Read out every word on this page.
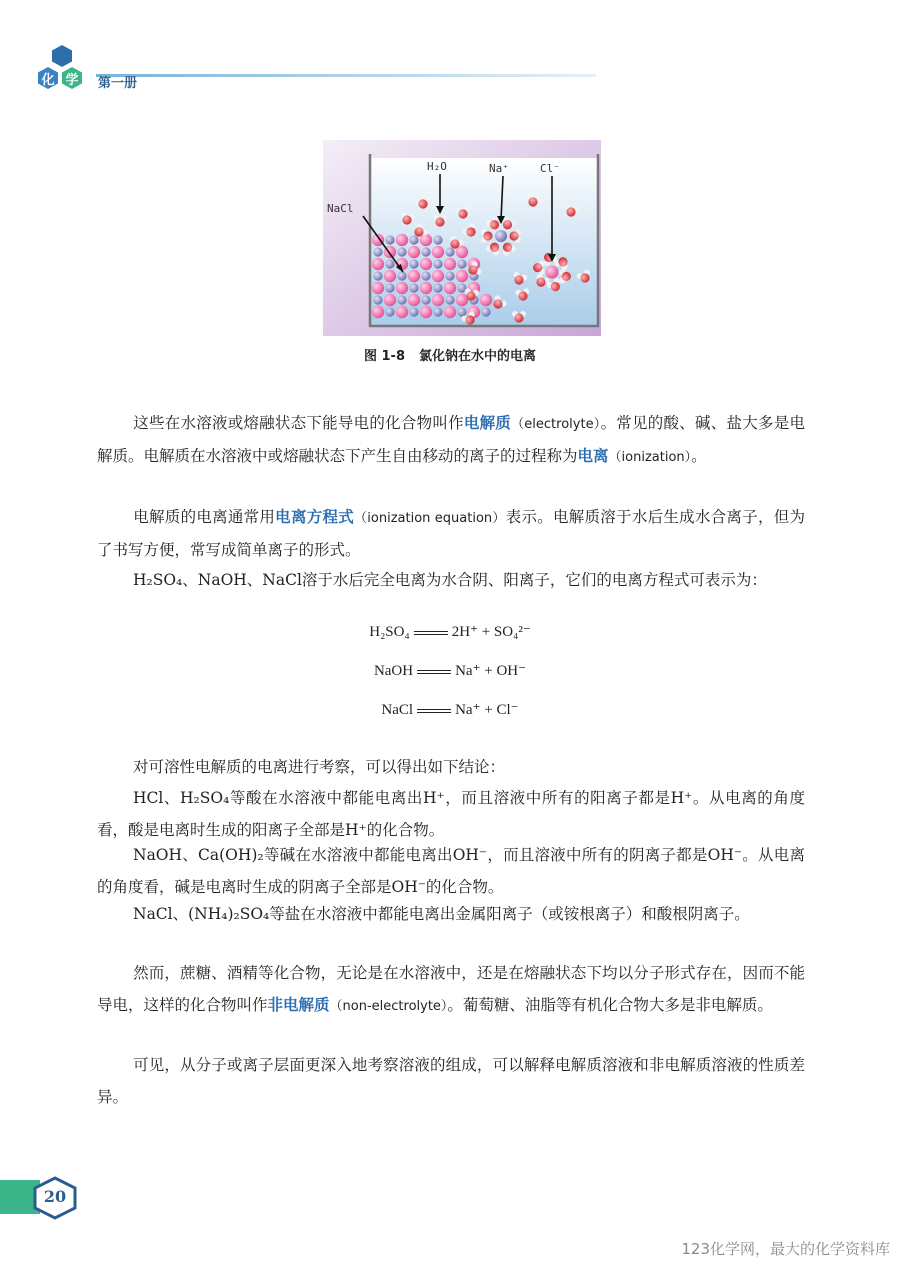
化 学	第一册
NaCl
H₂O	Na⁺	Cl⁻
图 1-8 氯化钠在水中的电离
这些在水溶液或熔融状态下能导电的化合物叫作电解质（electrolyte）。常见的酸、碱、盐大多是电解质。电解质在水溶液中或熔融状态下产生自由移动的离子的过程称为电离（ionization）。
电解质的电离通常用电离方程式（ionization equation）表示。电解质溶于水后生成水合离子，但为了书写方便，常写成简单离子的形式。
H₂SO₄、NaOH、NaCl溶于水后完全电离为水合阴、阳离子，它们的电离方程式可表示为：
H₂SO₄	2H⁺ + SO₄²⁻
NaOH	Na⁺ + OH⁻
NaCl	Na⁺ + Cl⁻
对可溶性电解质的电离进行考察，可以得出如下结论：
HCl、H₂SO₄等酸在水溶液中都能电离出H⁺，而且溶液中所有的阳离子都是H⁺。从电离的角度看，酸是电离时生成的阳离子全部是H⁺的化合物。
NaOH、Ca(OH)₂等碱在水溶液中都能电离出OH⁻，而且溶液中所有的阴离子都是OH⁻。从电离的角度看，碱是电离时生成的阴离子全部是OH⁻的化合物。
NaCl、(NH₄)₂SO₄等盐在水溶液中都能电离出金属阳离子（或铵根离子）和酸根阴离子。
然而，蔗糖、酒精等化合物，无论是在水溶液中，还是在熔融状态下均以分子形式存在，因而不能导电，这样的化合物叫作非电解质（non-electrolyte）。葡萄糖、油脂等有机化合物大多是非电解质。
可见，从分子或离子层面更深入地考察溶液的组成，可以解释电解质溶液和非电解质溶液的性质差异。
20
123化学网，最大的化学资料库
